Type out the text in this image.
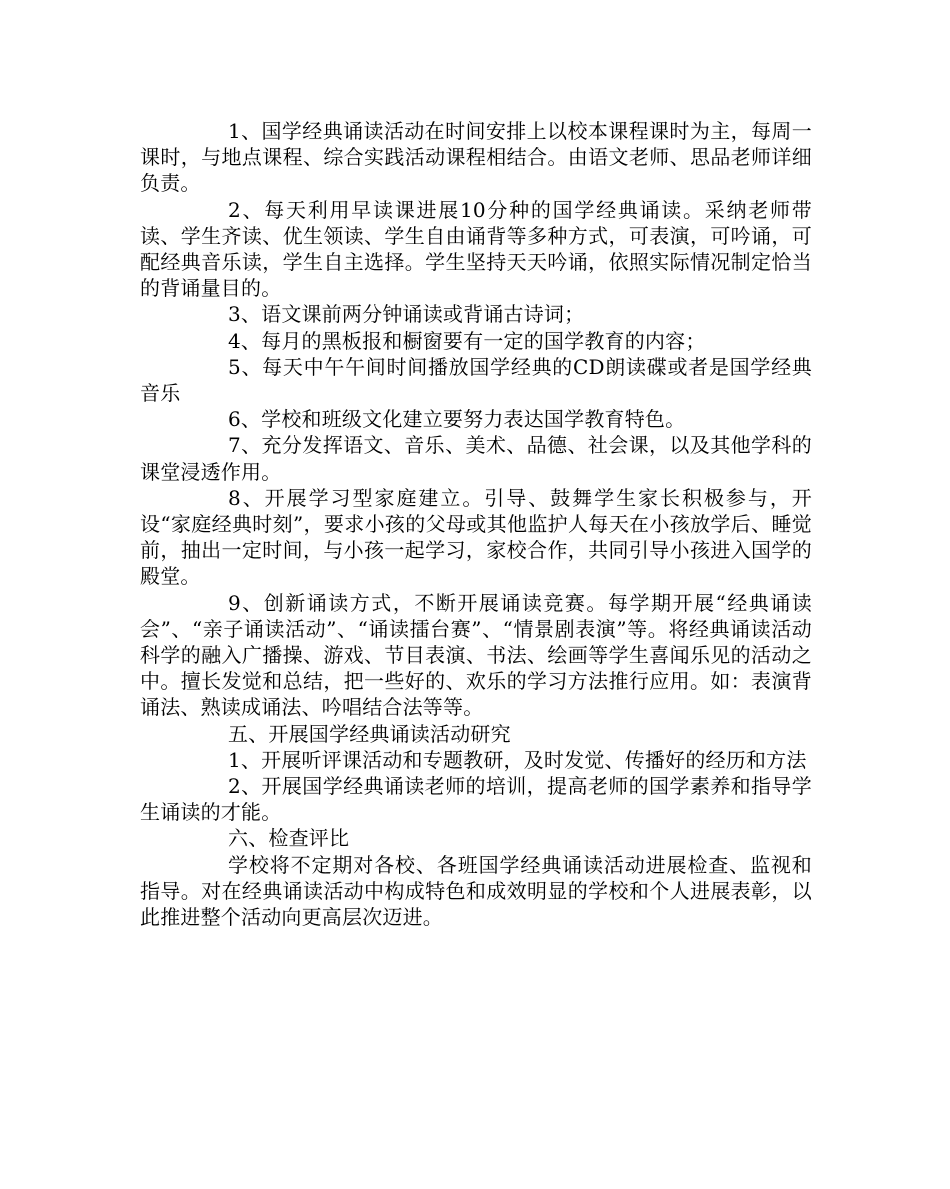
1、国学经典诵读活动在时间安排上以校本课程课时为主，每周一课时，与地点课程、综合实践活动课程相结合。由语文老师、思品老师详细负责。

2、每天利用早读课进展10分种的国学经典诵读。采纳老师带读、学生齐读、优生领读、学生自由诵背等多种方式，可表演，可吟诵，可配经典音乐读，学生自主选择。学生坚持天天吟诵，依照实际情况制定恰当的背诵量目的。

3、语文课前两分钟诵读或背诵古诗词；

4、每月的黑板报和橱窗要有一定的国学教育的内容；

5、每天中午午间时间播放国学经典的CD朗读碟或者是国学经典音乐

6、学校和班级文化建立要努力表达国学教育特色。

7、充分发挥语文、音乐、美术、品德、社会课，以及其他学科的课堂浸透作用。

8、开展学习型家庭建立。引导、鼓舞学生家长积极参与，开设“家庭经典时刻”，要求小孩的父母或其他监护人每天在小孩放学后、睡觉前，抽出一定时间，与小孩一起学习，家校合作，共同引导小孩进入国学的殿堂。

9、创新诵读方式，不断开展诵读竞赛。每学期开展“经典诵读会”、“亲子诵读活动”、“诵读擂台赛”、“情景剧表演”等。将经典诵读活动科学的融入广播操、游戏、节目表演、书法、绘画等学生喜闻乐见的活动之中。擅长发觉和总结，把一些好的、欢乐的学习方法推行应用。如：表演背诵法、熟读成诵法、吟唱结合法等等。

五、开展国学经典诵读活动研究

1、开展听评课活动和专题教研，及时发觉、传播好的经历和方法

2、开展国学经典诵读老师的培训，提高老师的国学素养和指导学生诵读的才能。

六、检查评比

学校将不定期对各校、各班国学经典诵读活动进展检查、监视和指导。对在经典诵读活动中构成特色和成效明显的学校和个人进展表彰，以此推进整个活动向更高层次迈进。
